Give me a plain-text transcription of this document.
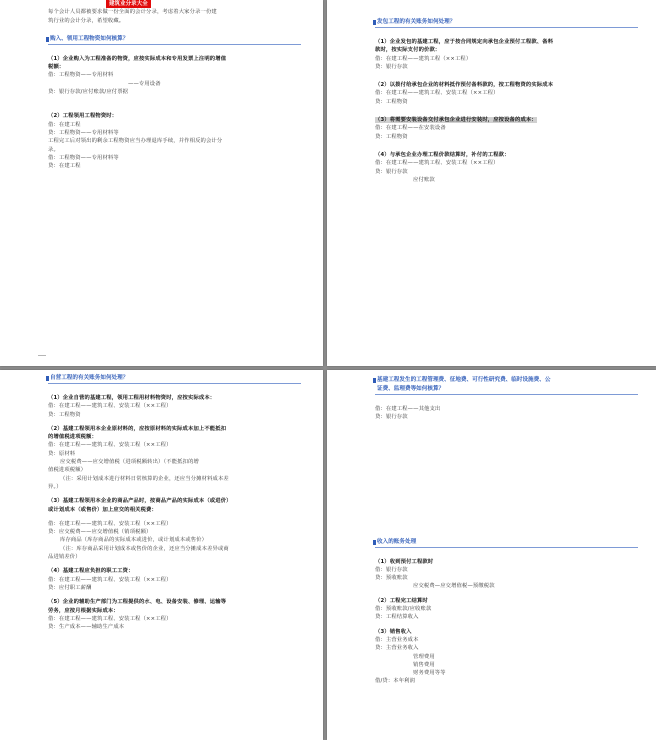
建筑业分录大全
每个会计人员都被要求做一份全面的会计分录，考虑着大家分录一份建
筑行业的会计分录，希望收藏。
购入、领用工程物资如何核算？
（1）企业购入为工程准备的物资，应按实际成本和专用发票上注明的增值
税额：
借：工程物资——专用材料
——专用设备
贷：银行存款/应付账款/应付票据
（2）工程领用工程物资时：
借：在建工程
贷：工程物资——专用材料等
工程完工后对领出的剩余工程物资应当办理退库手续，并作相反的会计分
录。
借：工程物资——专用材料等
贷：在建工程
发包工程的有关账务如何处理？
（1）企业发包的基建工程，应于按合同规定向承包企业预付工程款、备料
款时，按实际支付的价款：
借：在建工程——建筑工程（××工程）
贷：银行存款
（2）以拨付给承包企业的材料抵作预付备料款的，按工程物资的实际成本
借：在建工程——建筑工程、安装工程（××工程）
贷：工程物资
（3）将需要安装设备交付承包企业进行安装时，应按设备的成本：
借：在建工程——在安装设备
贷：工程物资
（4）与承包企业办理工程价款结算时，补付的工程款：
借：在建工程——建筑工程、安装工程（××工程）
贷：银行存款
应付账款
自营工程的有关账务如何处理？
（1）企业自营的基建工程，领用工程用材料物资时，应按实际成本：
借：在建工程——建筑工程、安装工程（××工程）
贷：工程物资
（2）基建工程领用本企业原材料的，应按原材料的实际成本加上不能抵扣
的增值税进项税额：
借：在建工程——建筑工程、安装工程（××工程）
贷：原材料
应交税费——应交增值税（进项税额转出）（不能抵扣的增
值税进项税额）
（注：采用计划成本进行材料日常核算的企业，还应当分摊材料成本差
异。）
（3）基建工程领用本企业的商品产品时，按商品产品的实际成本（或进价）
或计划成本（或售价）加上应交的相关税费：
借：在建工程——建筑工程、安装工程（××工程）
贷：应交税费——应交增值税（销项税额）
库存商品（库存商品的实际成本或进价，或计划成本或售价）
（注：库存商品采用计划成本或售价的企业，还应当分摊成本差异或商
品进销差价）
（4）基建工程应负担的职工工资：
借：在建工程——建筑工程、安装工程（××工程）
贷：应付职工薪酬
（5）企业的辅助生产部门为工程提供的水、电、设备安装、修理、运输等
劳务，应按月根据实际成本：
借：在建工程——建筑工程、安装工程（××工程）
贷：生产成本——辅助生产成本
基建工程发生的工程管理费、征地费、可行性研究费、临时设施费、公
证费、监理费等如何核算？
借：在建工程——其他支出
贷：银行存款
收入的账务处理
（1）收到预付工程款时
借：银行存款
贷：预收账款
应交税费—应交增值税—预缴税款
（2）工程完工结算时
借：预收账款/应收账款
贷：工程结算收入
（3）销售收入
借：主营业务成本
贷：主营业务收入
管理费用
销售费用
财务费用等等
借/贷：本年利润
